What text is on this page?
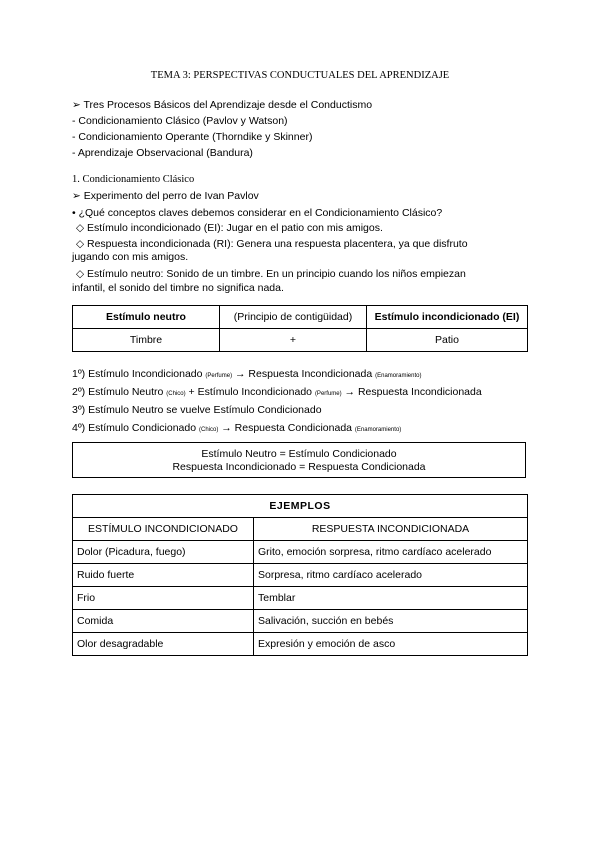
TEMA 3: PERSPECTIVAS CONDUCTUALES DEL APRENDIZAJE
➢ Tres Procesos Básicos del Aprendizaje desde el Conductismo
- Condicionamiento Clásico (Pavlov y Watson)
- Condicionamiento Operante (Thorndike y Skinner)
- Aprendizaje Observacional (Bandura)
1. Condicionamiento Clásico
➢ Experimento del perro de Ivan Pavlov
• ¿Qué conceptos claves debemos considerar en el Condicionamiento Clásico?
◇ Estímulo incondicionado (EI): Jugar en el patio con mis amigos.
◇ Respuesta incondicionada (RI): Genera una respuesta placentera, ya que disfruto
jugando con mis amigos.
◇ Estímulo neutro: Sonido de un timbre. En un principio cuando los niños empiezan
infantil, el sonido del timbre no significa nada.
Estímulo neutro	(Principio de contigüidad)	Estímulo incondicionado (EI)
Timbre	+	Patio
1º) Estímulo Incondicionado (Perfume) → Respuesta Incondicionada (Enamoramiento)
2º) Estímulo Neutro (Chico) + Estímulo Incondicionado (Perfume) → Respuesta Incondicionada
3º) Estímulo Neutro se vuelve Estímulo Condicionado
4º) Estímulo Condicionado (Chico) → Respuesta Condicionada (Enamoramiento)
Estímulo Neutro = Estímulo Condicionado
Respuesta Incondicionado = Respuesta Condicionada
EJEMPLOS	
ESTÍMULO INCONDICIONADO	RESPUESTA INCONDICIONADA
Dolor (Picadura, fuego)	Grito, emoción sorpresa, ritmo cardíaco acelerado
Ruido fuerte	Sorpresa, ritmo cardíaco acelerado
Frio	Temblar
Comida	Salivación, succión en bebés
Olor desagradable	Expresión y emoción de asco
